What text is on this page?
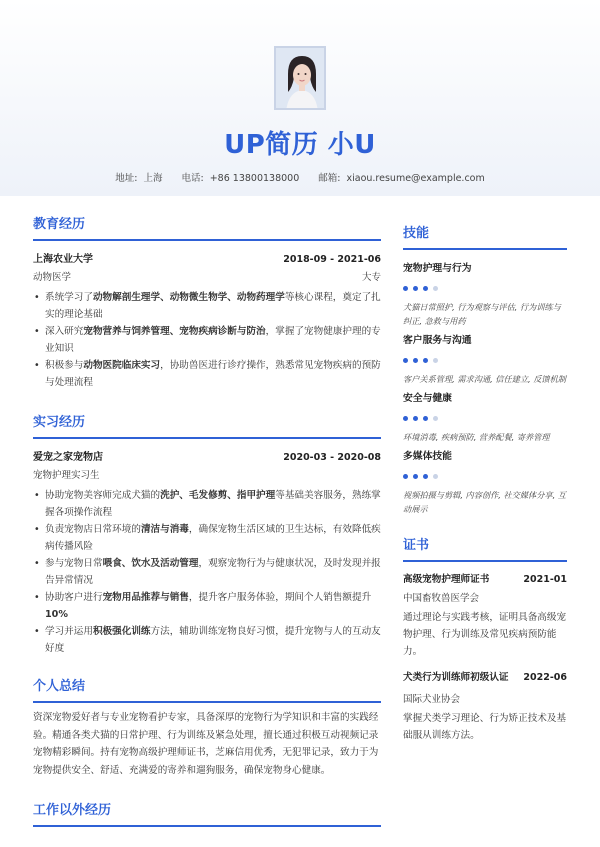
UP简历 小U
地址: 上海 电话: +86 13800138000 邮箱: xiaou.resume@example.com
教育经历
上海农业大学	2018-09 - 2021-06
动物医学	大专
• 系统学习了动物解剖生理学、动物微生物学、动物药理学等核心课程，奠定了扎实的理论基础
• 深入研究宠物营养与饲养管理、宠物疾病诊断与防治，掌握了宠物健康护理的专业知识
• 积极参与动物医院临床实习，协助兽医进行诊疗操作，熟悉常见宠物疾病的预防与处理流程
实习经历
爱宠之家宠物店	2020-03 - 2020-08
宠物护理实习生
• 协助宠物美容师完成犬猫的洗护、毛发修剪、指甲护理等基础美容服务，熟练掌握各项操作流程
• 负责宠物店日常环境的清洁与消毒，确保宠物生活区域的卫生达标，有效降低疾病传播风险
• 参与宠物日常喂食、饮水及活动管理，观察宠物行为与健康状况，及时发现并报告异常情况
• 协助客户进行宠物用品推荐与销售，提升客户服务体验，期间个人销售额提升10%
• 学习并运用积极强化训练方法，辅助训练宠物良好习惯，提升宠物与人的互动友好度
个人总结
资深宠物爱好者与专业宠物看护专家，具备深厚的宠物行为学知识和丰富的实践经验。精通各类犬猫的日常护理、行为训练及紧急处理，擅长通过积极互动视频记录宠物精彩瞬间。持有宠物高级护理师证书，芝麻信用优秀，无犯罪记录，致力于为宠物提供安全、舒适、充满爱的寄养和遛狗服务，确保宠物身心健康。
工作以外经历
技能
宠物护理与行为
犬猫日常照护, 行为观察与评估, 行为训练与纠正, 急救与用药
客户服务与沟通
客户关系管理, 需求沟通, 信任建立, 反馈机制
安全与健康
环境消毒, 疾病预防, 营养配餐, 寄养管理
多媒体技能
视频拍摄与剪辑, 内容创作, 社交媒体分享, 互动展示
证书
高级宠物护理师证书	2021-01
中国畜牧兽医学会
通过理论与实践考核，证明具备高级宠物护理、行为训练及常见疾病预防能力。
犬类行为训练师初级认证	2022-06
国际犬业协会
掌握犬类学习理论、行为矫正技术及基础服从训练方法。
